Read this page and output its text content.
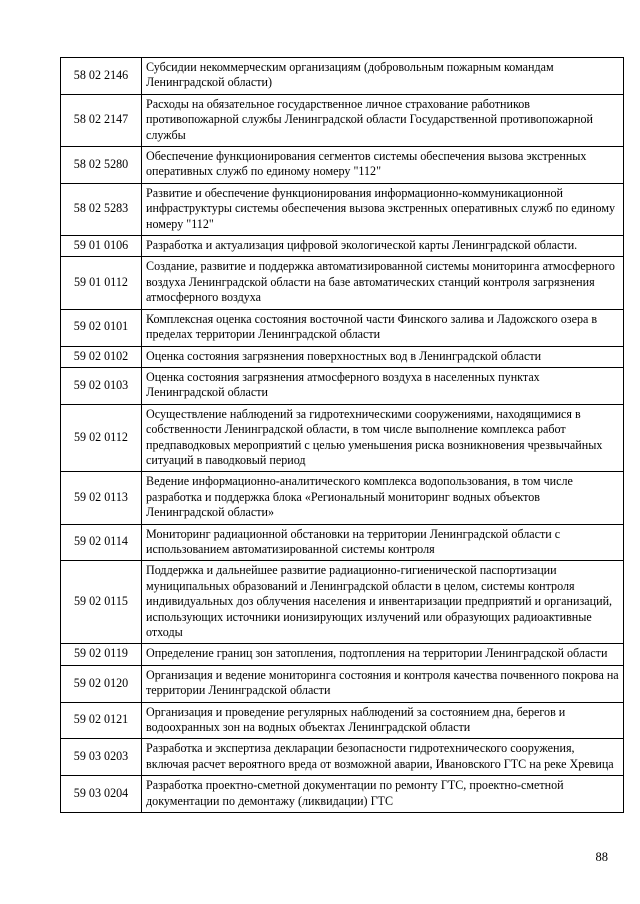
58 02 2146	Субсидии некоммерческим организациям (добровольным пожарным командам Ленинградской области)
58 02 2147	Расходы на обязательное государственное личное страхование работников противопожарной службы Ленинградской области Государственной противопожарной службы
58 02 5280	Обеспечение функционирования сегментов системы обеспечения вызова экстренных оперативных служб по единому номеру "112"
58 02 5283	Развитие и обеспечение функционирования информационно-коммуникационной инфраструктуры системы обеспечения вызова экстренных оперативных служб по единому номеру "112"
59 01 0106	Разработка и актуализация цифровой экологической карты Ленинградской области.
59 01 0112	Создание, развитие и поддержка автоматизированной системы мониторинга атмосферного воздуха Ленинградской области на базе автоматических станций контроля загрязнения атмосферного воздуха
59 02 0101	Комплексная оценка состояния восточной части Финского залива и Ладожского озера в пределах территории Ленинградской области
59 02 0102	Оценка состояния загрязнения поверхностных вод в Ленинградской области
59 02 0103	Оценка состояния загрязнения атмосферного воздуха в населенных пунктах Ленинградской области
59 02 0112	Осуществление наблюдений за гидротехническими сооружениями, находящимися в собственности Ленинградской области, в том числе выполнение комплекса работ предпаводковых мероприятий с целью уменьшения риска возникновения чрезвычайных ситуаций в паводковый период
59 02 0113	Ведение информационно-аналитического комплекса водопользования, в том числе разработка и поддержка блока «Региональный мониторинг водных объектов Ленинградской области»
59 02 0114	Мониторинг радиационной обстановки на территории Ленинградской области с использованием автоматизированной системы контроля
59 02 0115	Поддержка и дальнейшее развитие радиационно-гигиенической паспортизации муниципальных образований и Ленинградской области в целом, системы контроля индивидуальных доз облучения населения и инвентаризации предприятий и организаций, использующих источники ионизирующих излучений или образующих радиоактивные отходы
59 02 0119	Определение границ зон затопления, подтопления на территории Ленинградской области
59 02 0120	Организация и ведение мониторинга состояния и контроля качества почвенного покрова на территории Ленинградской области
59 02 0121	Организация и проведение регулярных наблюдений за состоянием дна, берегов и водоохранных зон на водных объектах Ленинградской области
59 03 0203	Разработка и экспертиза декларации безопасности гидротехнического сооружения, включая расчет вероятного вреда от возможной аварии, Ивановского ГТС на реке Хревица
59 03 0204	Разработка проектно-сметной документации по ремонту ГТС, проектно-сметной документации по демонтажу (ликвидации) ГТС
88
